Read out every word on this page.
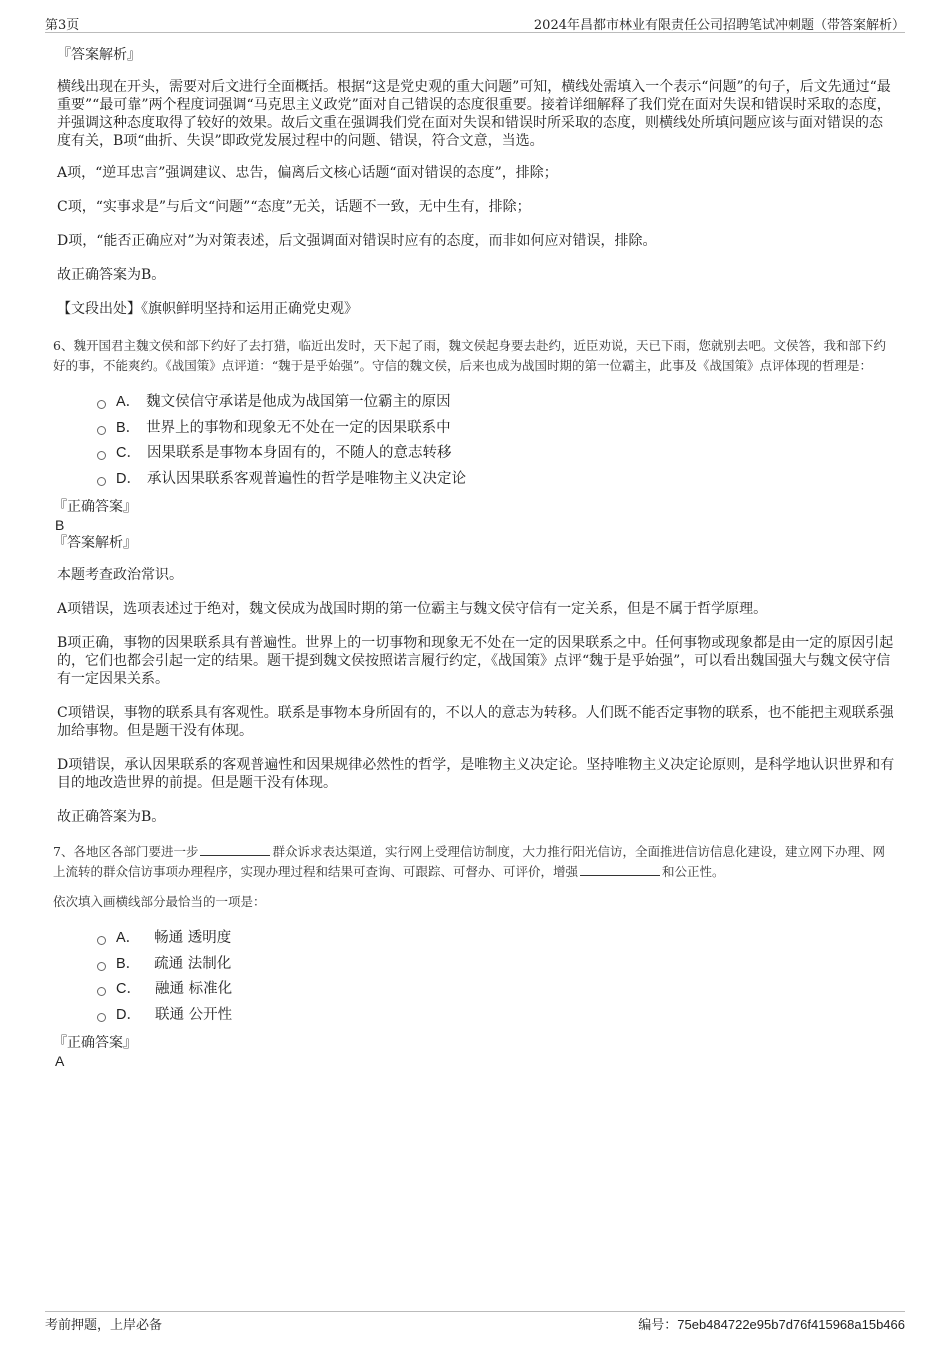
第3页	2024年昌都市林业有限责任公司招聘笔试冲刺题（带答案解析）

『答案解析』

横线出现在开头，需要对后文进行全面概括。根据“这是党史观的重大问题”可知，横线处需填入一个表示“问题”的句子，后文先通过“最重要”“最可靠”两个程度词强调“马克思主义政党”面对自己错误的态度很重要。接着详细解释了我们党在面对失误和错误时采取的态度，并强调这种态度取得了较好的效果。故后文重在强调我们党在面对失误和错误时所采取的态度，则横线处所填问题应该与面对错误的态度有关，B项“曲折、失误”即政党发展过程中的问题、错误，符合文意，当选。

A项，“逆耳忠言”强调建议、忠告，偏离后文核心话题“面对错误的态度”，排除；

C项，“实事求是”与后文“问题”“态度”无关，话题不一致，无中生有，排除；

D项，“能否正确应对”为对策表述，后文强调面对错误时应有的态度，而非如何应对错误，排除。

故正确答案为B。

【文段出处】《旗帜鲜明坚持和运用正确党史观》

6、魏开国君主魏文侯和部下约好了去打猎，临近出发时，天下起了雨，魏文侯起身要去赴约，近臣劝说，天已下雨，您就别去吧。文侯答，我和部下约好的事，不能爽约。《战国策》点评道：“魏于是乎始强”。守信的魏文侯，后来也成为战国时期的第一位霸主，此事及《战国策》点评体现的哲理是：

A． 魏文侯信守承诺是他成为战国第一位霸主的原因
B． 世界上的事物和现象无不处在一定的因果联系中
C． 因果联系是事物本身固有的，不随人的意志转移
D． 承认因果联系客观普遍性的哲学是唯物主义决定论

『正确答案』

B

『答案解析』

本题考查政治常识。

A项错误，选项表述过于绝对，魏文侯成为战国时期的第一位霸主与魏文侯守信有一定关系，但是不属于哲学原理。

B项正确，事物的因果联系具有普遍性。世界上的一切事物和现象无不处在一定的因果联系之中。任何事物或现象都是由一定的原因引起的，它们也都会引起一定的结果。题干提到魏文侯按照诺言履行约定，《战国策》点评“魏于是乎始强”，可以看出魏国强大与魏文侯守信有一定因果关系。

C项错误，事物的联系具有客观性。联系是事物本身所固有的，不以人的意志为转移。人们既不能否定事物的联系，也不能把主观联系强加给事物。但是题干没有体现。

D项错误，承认因果联系的客观普遍性和因果规律必然性的哲学，是唯物主义决定论。坚持唯物主义决定论原则，是科学地认识世界和有目的地改造世界的前提。但是题干没有体现。

故正确答案为B。

7、各地区各部门要进一步	群众诉求表达渠道，实行网上受理信访制度，大力推行阳光信访，全面推进信访信息化建设，建立网下办理、网上流转的群众信访事项办理程序，实现办理过程和结果可查询、可跟踪、可督办、可评价，增强	和公正性。

依次填入画横线部分最恰当的一项是：

A． 畅通 透明度
B． 疏通 法制化
C． 融通 标准化
D． 联通 公开性

『正确答案』

A

考前押题，上岸必备	编号：75eb484722e95b7d76f415968a15b466
